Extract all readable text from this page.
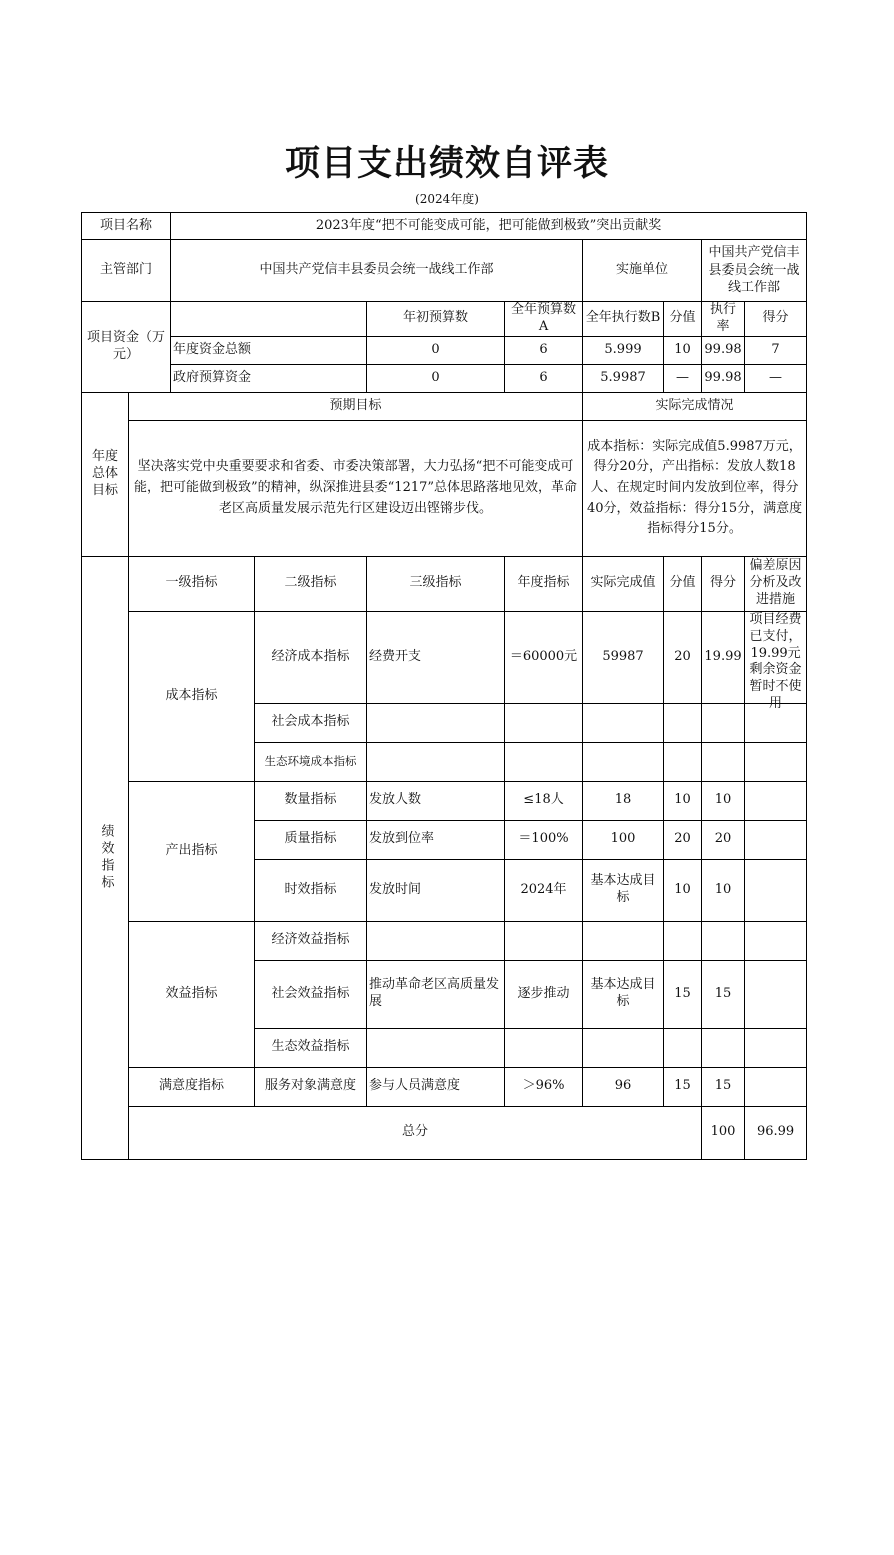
项目支出绩效自评表
(2024年度)
项目名称		2023年度“把不可能变成可能，把可能做到极致”突出贡献奖								
主管部门		中国共产党信丰县委员会统一战线工作部				实施单位		中国共产党信丰县委员会统一战线工作部		
项目资金（万元）				年初预算数	全年预算数A	全年执行数B	分值	执行率	得分	
		年度资金总额		0	6	5.999	10	99.98	7	
		政府预算资金		0	6	5.9987	—	99.98	—	
年度总体目标	预期目标					实际完成情况				
	坚决落实党中央重要要求和省委、市委决策部署，大力弘扬“把不可能变成可能，把可能做到极致”的精神，纵深推进县委“1217”总体思路落地见效，革命老区高质量发展示范先行区建设迈出铿锵步伐。					成本指标：实际完成值5.9987万元，得分20分，产出指标：发放人数18人、在规定时间内发放到位率，得分40分，效益指标：得分15分，满意度指标得分15分。				

绩效指标	一级指标		二级指标	三级指标	年度指标	实际完成值	分值	得分	偏差原因分析及改进措施	
	成本指标		经济成本指标	经费开支	＝60000元	59987	20	19.99	项目经费已支付，19.99元剩余资金暂时不使用	

			社会成本指标							
			生态环境成本指标							
	产出指标		数量指标	发放人数	≤18人	18	10	10		
			质量指标	发放到位率	＝100%	100	20	20		
			时效指标	发放时间	2024年	基本达成目标	10	10		
	效益指标		经济效益指标							
			社会效益指标	推动革命老区高质量发展	逐步推动	基本达成目标	15	15		
			生态效益指标							
	满意度指标		服务对象满意度	参与人员满意度	＞96%	96	15	15		
	总分							100	96.99	
